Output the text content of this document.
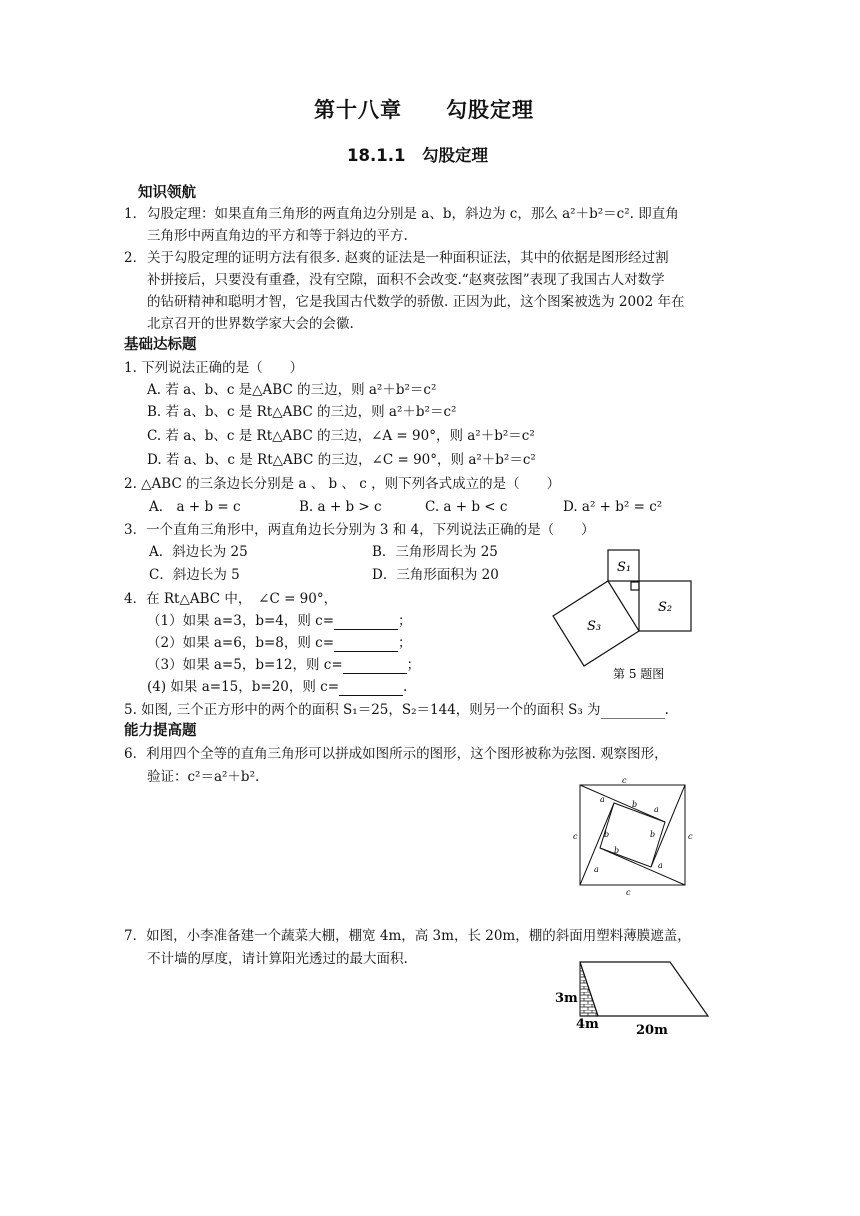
第十八章　　勾股定理
18.1.1　勾股定理
知识领航
1． 勾股定理：如果直角三角形的两直角边分别是 a、b，斜边为 c，那么 a²＋b²＝c². 即直角
三角形中两直角边的平方和等于斜边的平方.
2． 关于勾股定理的证明方法有很多. 赵爽的证法是一种面积证法，其中的依据是图形经过割
补拼接后，只要没有重叠，没有空隙，面积不会改变.“赵爽弦图”表现了我国古人对数学
的钻研精神和聪明才智，它是我国古代数学的骄傲. 正因为此，这个图案被选为 2002 年在
北京召开的世界数学家大会的会徽.
基础达标题
1. 下列说法正确的是（　　）
A. 若 a、b、c 是△ABC 的三边，则 a²＋b²＝c²
B. 若 a、b、c 是 Rt△ABC 的三边，则 a²＋b²＝c²
C. 若 a、b、c 是 Rt△ABC 的三边，∠A = 90°，则 a²＋b²＝c²
D. 若 a、b、c 是 Rt△ABC 的三边，∠C = 90°，则 a²＋b²＝c²
2. △ABC 的三条边长分别是 a 、 b 、 c ，则下列各式成立的是（　　）
A． a + b = c	B. a + b > c	C. a + b < c	D. a² + b² = c²
3．一个直角三角形中，两直角边长分别为 3 和 4，下列说法正确的是（　　）
A．斜边长为 25	B．三角形周长为 25
C．斜边长为 5	D．三角形面积为 20
4．在 Rt△ABC 中，　∠C = 90°，
（1）如果 a=3，b=4，则 c=	；
（2）如果 a=6，b=8，则 c=	；
（3）如果 a=5，b=12，则 c=	；
(4) 如果 a=15，b=20，则 c=	.
5. 如图, 三个正方形中的两个的面积 S₁＝25，S₂＝144，则另一个的面积 S₃ 为	.
S₁
S₂
S₃
第 5 题图
能力提高题
6．利用四个全等的直角三角形可以拼成如图所示的图形，这个图形被称为弦图. 观察图形，
验证：c²＝a²＋b².	c
c
c	c
a
b
a
b
b
b
a	a
7．如图，小李准备建一个蔬菜大棚，棚宽 4m，高 3m，长 20m，棚的斜面用塑料薄膜遮盖，
不计墙的厚度，请计算阳光透过的最大面积.
3m
4m	20m
